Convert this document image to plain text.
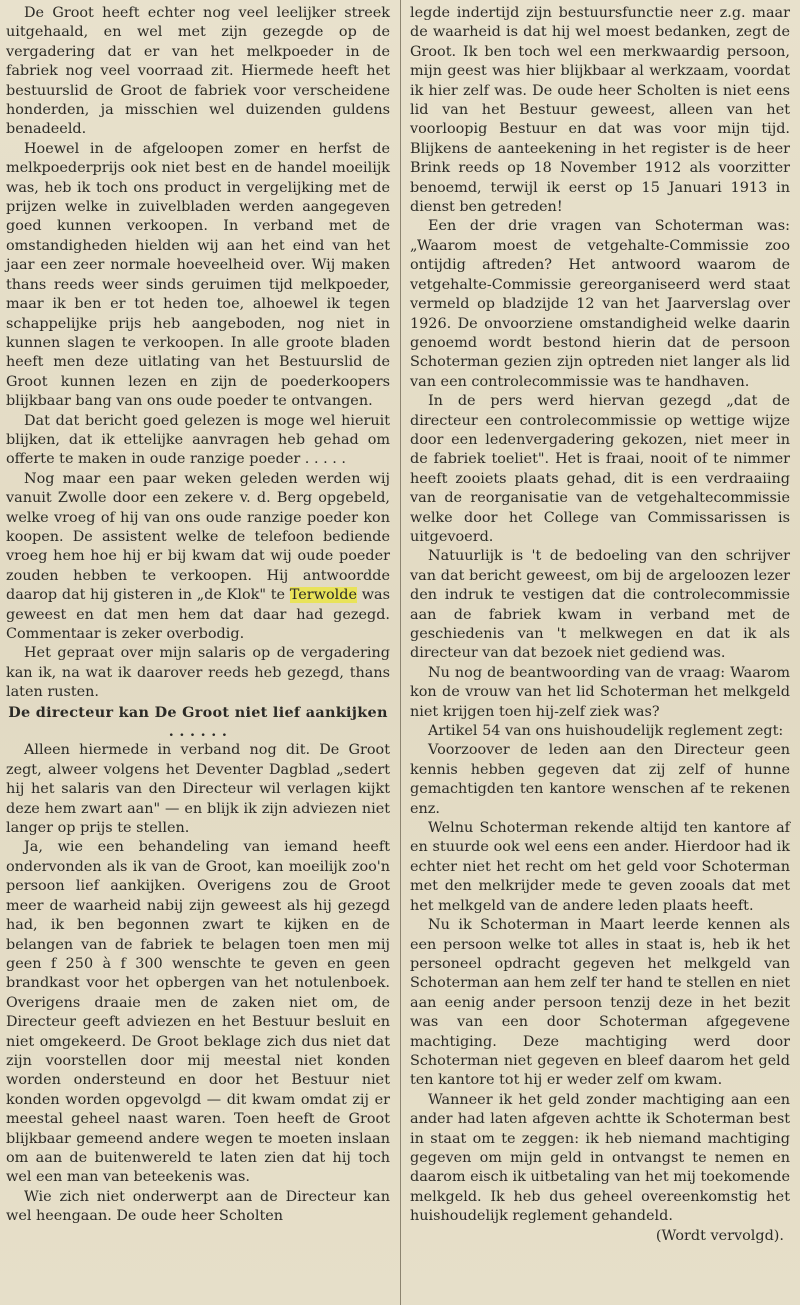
De Groot heeft echter nog veel leelijker streek uitgehaald, en wel met zijn gezegde op de vergadering dat er van het melkpoeder in de fabriek nog veel voorraad zit. Hiermede heeft het bestuurslid de Groot de fabriek voor verscheidene honderden, ja misschien wel duizenden guldens benadeeld.

Hoewel in de afgeloopen zomer en herfst de melkpoederprijs ook niet best en de handel moeilijk was, heb ik toch ons product in vergelijking met de prijzen welke in zuivelbladen werden aangegeven goed kunnen verkoopen. In verband met de omstandigheden hielden wij aan het eind van het jaar een zeer normale hoeveelheid over. Wij maken thans reeds weer sinds geruimen tijd melkpoeder, maar ik ben er tot heden toe, alhoewel ik tegen schappelijke prijs heb aangeboden, nog niet in kunnen slagen te verkoopen. In alle groote bladen heeft men deze uitlating van het Bestuurslid de Groot kunnen lezen en zijn de poederkoopers blijkbaar bang van ons oude poeder te ontvangen.

Dat dat bericht goed gelezen is moge wel hieruit blijken, dat ik ettelijke aanvragen heb gehad om offerte te maken in oude ranzige poeder . . . . .

Nog maar een paar weken geleden werden wij vanuit Zwolle door een zekere v. d. Berg opgebeld, welke vroeg of hij van ons oude ranzige poeder kon koopen. De assistent welke de telefoon bediende vroeg hem hoe hij er bij kwam dat wij oude poeder zouden hebben te verkoopen. Hij antwoordde daarop dat hij gisteren in „de Klok" te Terwolde was geweest en dat men hem dat daar had gezegd. Commentaar is zeker overbodig.

Het gepraat over mijn salaris op de vergadering kan ik, na wat ik daarover reeds heb gezegd, thans laten rusten.

De directeur kan De Groot niet lief aankijken . . . . . .

Alleen hiermede in verband nog dit. De Groot zegt, alweer volgens het Deventer Dagblad „sedert hij het salaris van den Directeur wil verlagen kijkt deze hem zwart aan" — en blijk ik zijn adviezen niet langer op prijs te stellen.

Ja, wie een behandeling van iemand heeft ondervonden als ik van de Groot, kan moeilijk zoo'n persoon lief aankijken. Overigens zou de Groot meer de waarheid nabij zijn geweest als hij gezegd had, ik ben begonnen zwart te kijken en de belangen van de fabriek te belagen toen men mij geen f 250 à f 300 wenschte te geven en geen brandkast voor het opbergen van het notulenboek. Overigens draaie men de zaken niet om, de Directeur geeft adviezen en het Bestuur besluit en niet omgekeerd. De Groot beklage zich dus niet dat zijn voorstellen door mij meestal niet konden worden ondersteund en door het Bestuur niet konden worden opgevolgd — dit kwam omdat zij er meestal geheel naast waren. Toen heeft de Groot blijkbaar gemeend andere wegen te moeten inslaan om aan de buitenwereld te laten zien dat hij toch wel een man van beteekenis was.

Wie zich niet onderwerpt aan de Directeur kan wel heengaan. De oude heer Scholten

legde indertijd zijn bestuursfunctie neer z.g. maar de waarheid is dat hij wel moest bedanken, zegt de Groot. Ik ben toch wel een merkwaardig persoon, mijn geest was hier blijkbaar al werkzaam, voordat ik hier zelf was. De oude heer Scholten is niet eens lid van het Bestuur geweest, alleen van het voorloopig Bestuur en dat was voor mijn tijd. Blijkens de aanteekening in het register is de heer Brink reeds op 18 November 1912 als voorzitter benoemd, terwijl ik eerst op 15 Januari 1913 in dienst ben getreden!

Een der drie vragen van Schoterman was: „Waarom moest de vetgehalte-Commissie zoo ontijdig aftreden? Het antwoord waarom de vetgehalte-Commissie gereorganiseerd werd staat vermeld op bladzijde 12 van het Jaarverslag over 1926. De onvoorziene omstandigheid welke daarin genoemd wordt bestond hierin dat de persoon Schoterman gezien zijn optreden niet langer als lid van een controlecommissie was te handhaven.

In de pers werd hiervan gezegd „dat de directeur een controlecommissie op wettige wijze door een ledenvergadering gekozen, niet meer in de fabriek toeliet". Het is fraai, nooit of te nimmer heeft zooiets plaats gehad, dit is een verdraaiing van de reorganisatie van de vetgehaltecommissie welke door het College van Commissarissen is uitgevoerd.

Natuurlijk is 't de bedoeling van den schrijver van dat bericht geweest, om bij de argeloozen lezer den indruk te vestigen dat die controlecommissie aan de fabriek kwam in verband met de geschiedenis van 't melkwegen en dat ik als directeur van dat bezoek niet gediend was.

Nu nog de beantwoording van de vraag: Waarom kon de vrouw van het lid Schoterman het melkgeld niet krijgen toen hij-zelf ziek was?

Artikel 54 van ons huishoudelijk reglement zegt:

Voorzoover de leden aan den Directeur geen kennis hebben gegeven dat zij zelf of hunne gemachtigden ten kantore wenschen af te rekenen enz.

Welnu Schoterman rekende altijd ten kantore af en stuurde ook wel eens een ander. Hierdoor had ik echter niet het recht om het geld voor Schoterman met den melkrijder mede te geven zooals dat met het melkgeld van de andere leden plaats heeft.

Nu ik Schoterman in Maart leerde kennen als een persoon welke tot alles in staat is, heb ik het personeel opdracht gegeven het melkgeld van Schoterman aan hem zelf ter hand te stellen en niet aan eenig ander persoon tenzij deze in het bezit was van een door Schoterman afgegevene machtiging. Deze machtiging werd door Schoterman niet gegeven en bleef daarom het geld ten kantore tot hij er weder zelf om kwam.

Wanneer ik het geld zonder machtiging aan een ander had laten afgeven achtte ik Schoterman best in staat om te zeggen: ik heb niemand machtiging gegeven om mijn geld in ontvangst te nemen en daarom eisch ik uitbetaling van het mij toekomende melkgeld. Ik heb dus geheel overeenkomstig het huishoudelijk reglement gehandeld.

(Wordt vervolgd).
